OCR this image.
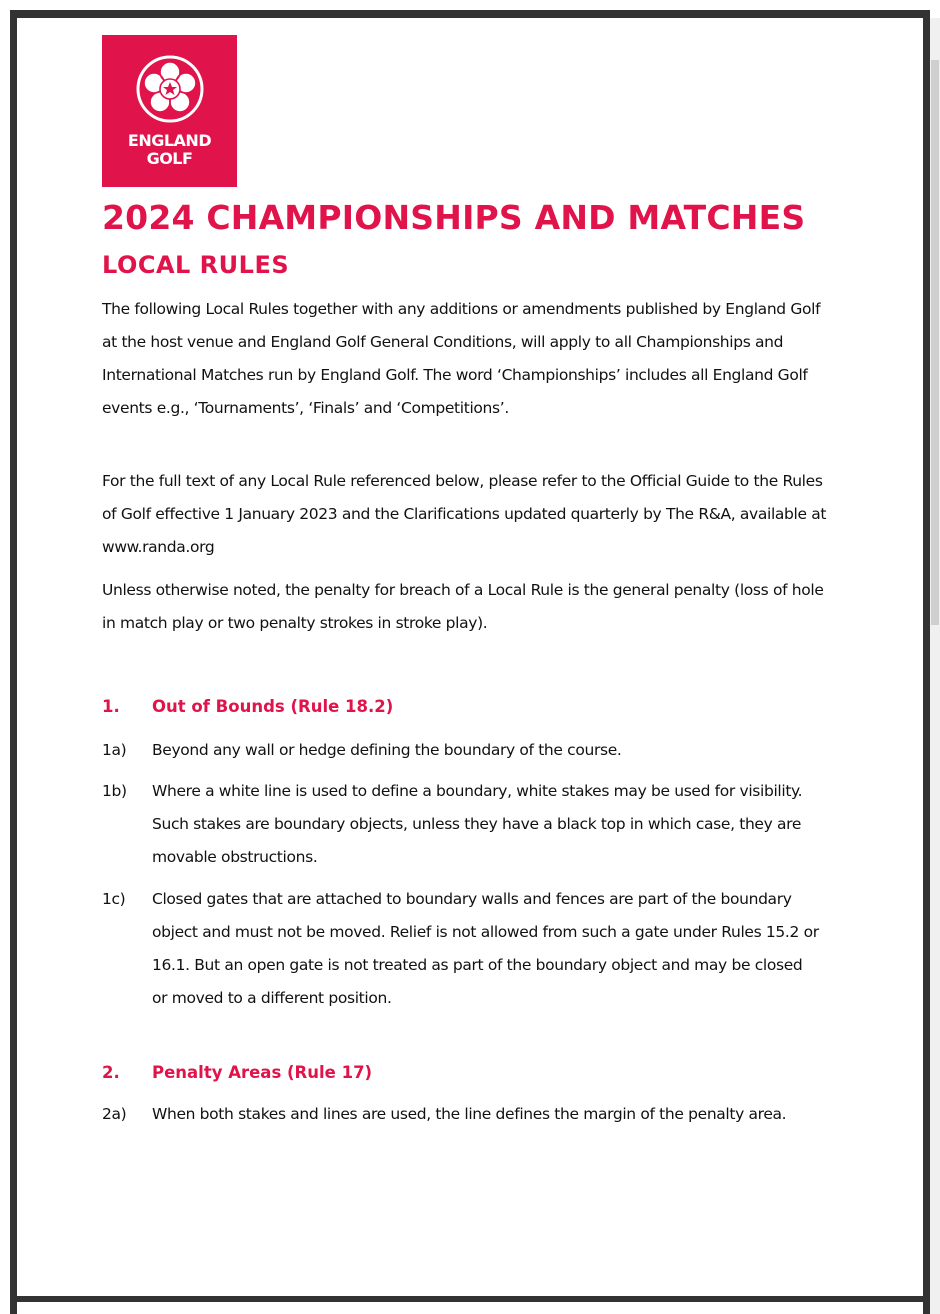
ENGLAND
GOLF
2024 CHAMPIONSHIPS AND MATCHES
LOCAL RULES

The following Local Rules together with any additions or amendments published by England Golf at the host venue and England Golf General Conditions, will apply to all Championships and International Matches run by England Golf. The word ‘Championships’ includes all England Golf events e.g., ‘Tournaments’, ‘Finals’ and ‘Competitions’.

For the full text of any Local Rule referenced below, please refer to the Official Guide to the Rules of Golf effective 1 January 2023 and the Clarifications updated quarterly by The R&A, available at www.randa.org

Unless otherwise noted, the penalty for breach of a Local Rule is the general penalty (loss of hole in match play or two penalty strokes in stroke play).

1. Out of Bounds (Rule 18.2)
1a)	Beyond any wall or hedge defining the boundary of the course.
1b)	Where a white line is used to define a boundary, white stakes may be used for visibility. Such stakes are boundary objects, unless they have a black top in which case, they are movable obstructions.
1c)	Closed gates that are attached to boundary walls and fences are part of the boundary object and must not be moved. Relief is not allowed from such a gate under Rules 15.2 or 16.1. But an open gate is not treated as part of the boundary object and may be closed or moved to a different position.
2. Penalty Areas (Rule 17)
2a)	When both stakes and lines are used, the line defines the margin of the penalty area.
